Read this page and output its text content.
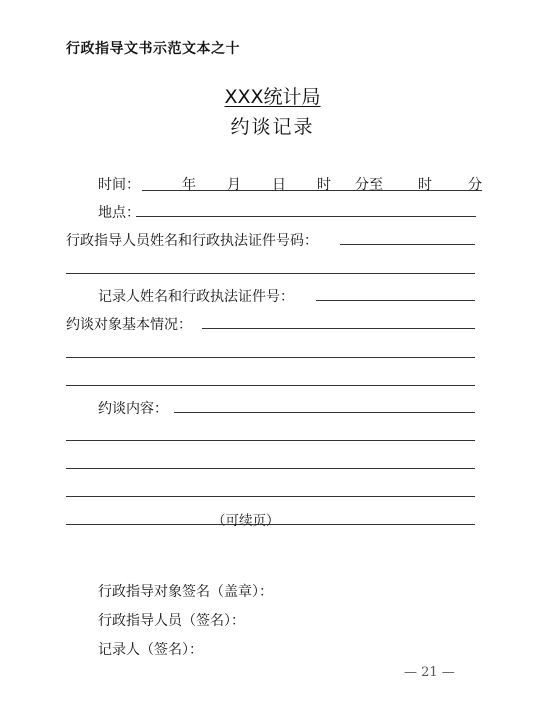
行政指导文书示范文本之十
XXX统计局
约谈记录
时间：	年 月 日 时 分至	时	分
地点：
行政指导人员姓名和行政执法证件号码：
记录人姓名和行政执法证件号：
约谈对象基本情况：
约谈内容：
（可续页）
行政指导对象签名（盖章）：
行政指导人员（签名）：
记录人（签名）：
— 21 —
